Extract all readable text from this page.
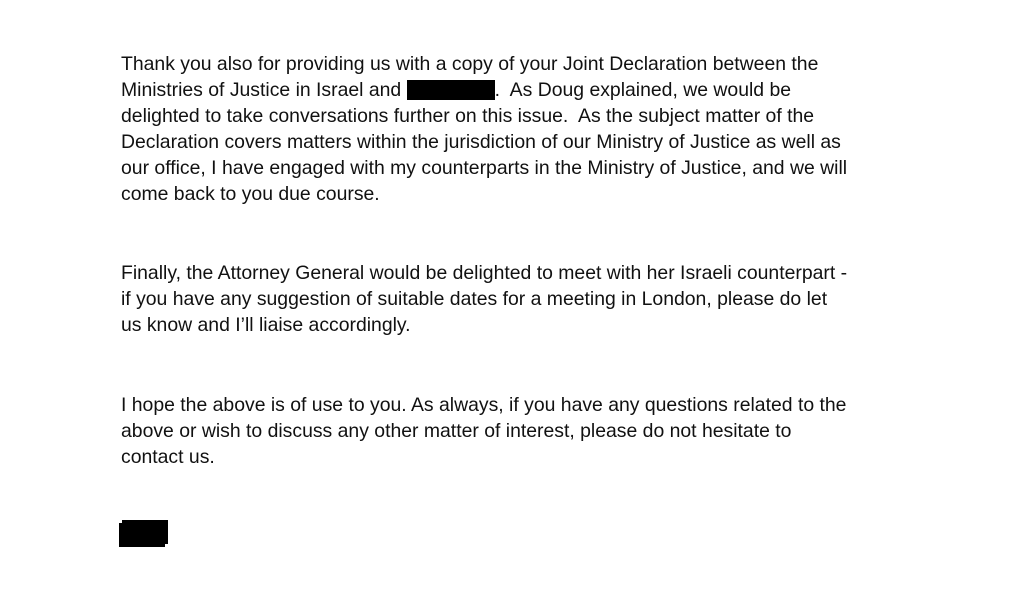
Thank you also for providing us with a copy of your Joint Declaration between the
Ministries of Justice in Israel and	.  As Doug explained, we would be
delighted to take conversations further on this issue.  As the subject matter of the
Declaration covers matters within the jurisdiction of our Ministry of Justice as well as
our office, I have engaged with my counterparts in the Ministry of Justice, and we will
come back to you due course.

Finally, the Attorney General would be delighted to meet with her Israeli counterpart -
if you have any suggestion of suitable dates for a meeting in London, please do let
us know and I’ll liaise accordingly.

I hope the above is of use to you. As always, if you have any questions related to the
above or wish to discuss any other matter of interest, please do not hesitate to
contact us.
